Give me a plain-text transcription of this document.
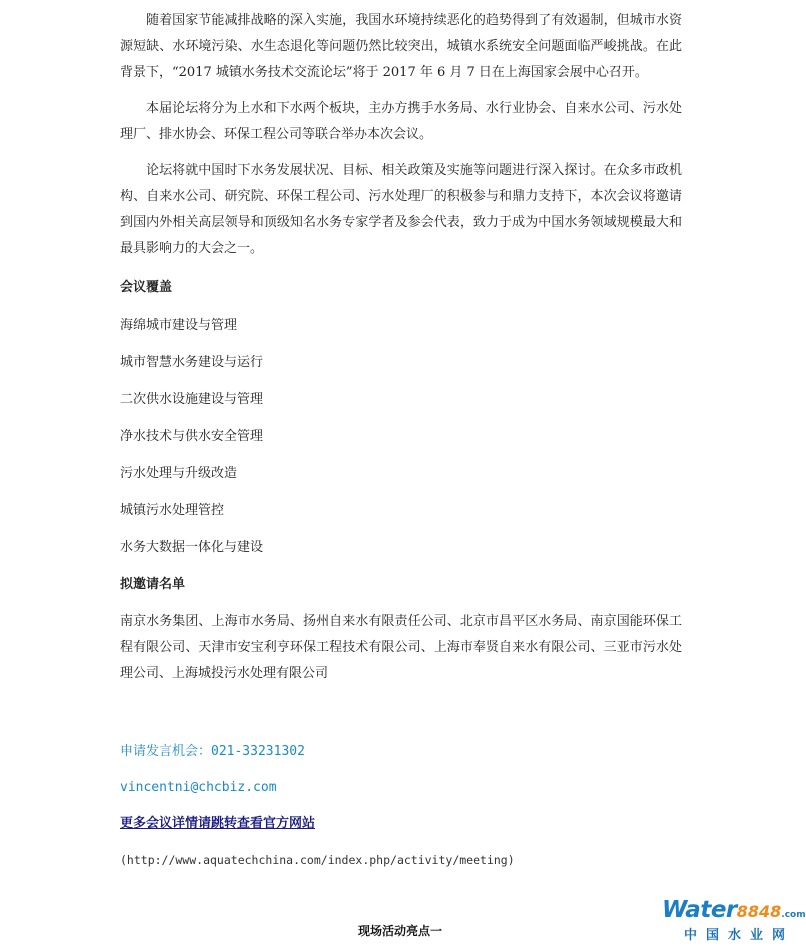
随着国家节能减排战略的深入实施，我国水环境持续恶化的趋势得到了有效遏制，但城市水资源短缺、水环境污染、水生态退化等问题仍然比较突出，城镇水系统安全问题面临严峻挑战。在此背景下，“2017 城镇水务技术交流论坛”将于 2017 年 6 月 7 日在上海国家会展中心召开。

本届论坛将分为上水和下水两个板块，主办方携手水务局、水行业协会、自来水公司、污水处理厂、排水协会、环保工程公司等联合举办本次会议。

论坛将就中国时下水务发展状况、目标、相关政策及实施等问题进行深入探讨。在众多市政机构、自来水公司、研究院、环保工程公司、污水处理厂的积极参与和鼎力支持下，本次会议将邀请到国内外相关高层领导和顶级知名水务专家学者及参会代表，致力于成为中国水务领域规模最大和最具影响力的大会之一。

会议覆盖
海绵城市建设与管理
城市智慧水务建设与运行
二次供水设施建设与管理
净水技术与供水安全管理
污水处理与升级改造
城镇污水处理管控
水务大数据一体化与建设
拟邀请名单

南京水务集团、上海市水务局、扬州自来水有限责任公司、北京市昌平区水务局、南京国能环保工程有限公司、天津市安宝利亨环保工程技术有限公司、上海市奉贤自来水有限公司、三亚市污水处理公司、上海城投污水处理有限公司

申请发言机会：021-33231302

vincentni@chcbiz.com

更多会议详情请跳转查看官方网站

(http://www.aquatechchina.com/index.php/activity/meeting)

现场活动亮点一
Water8848.com
中国水业网
